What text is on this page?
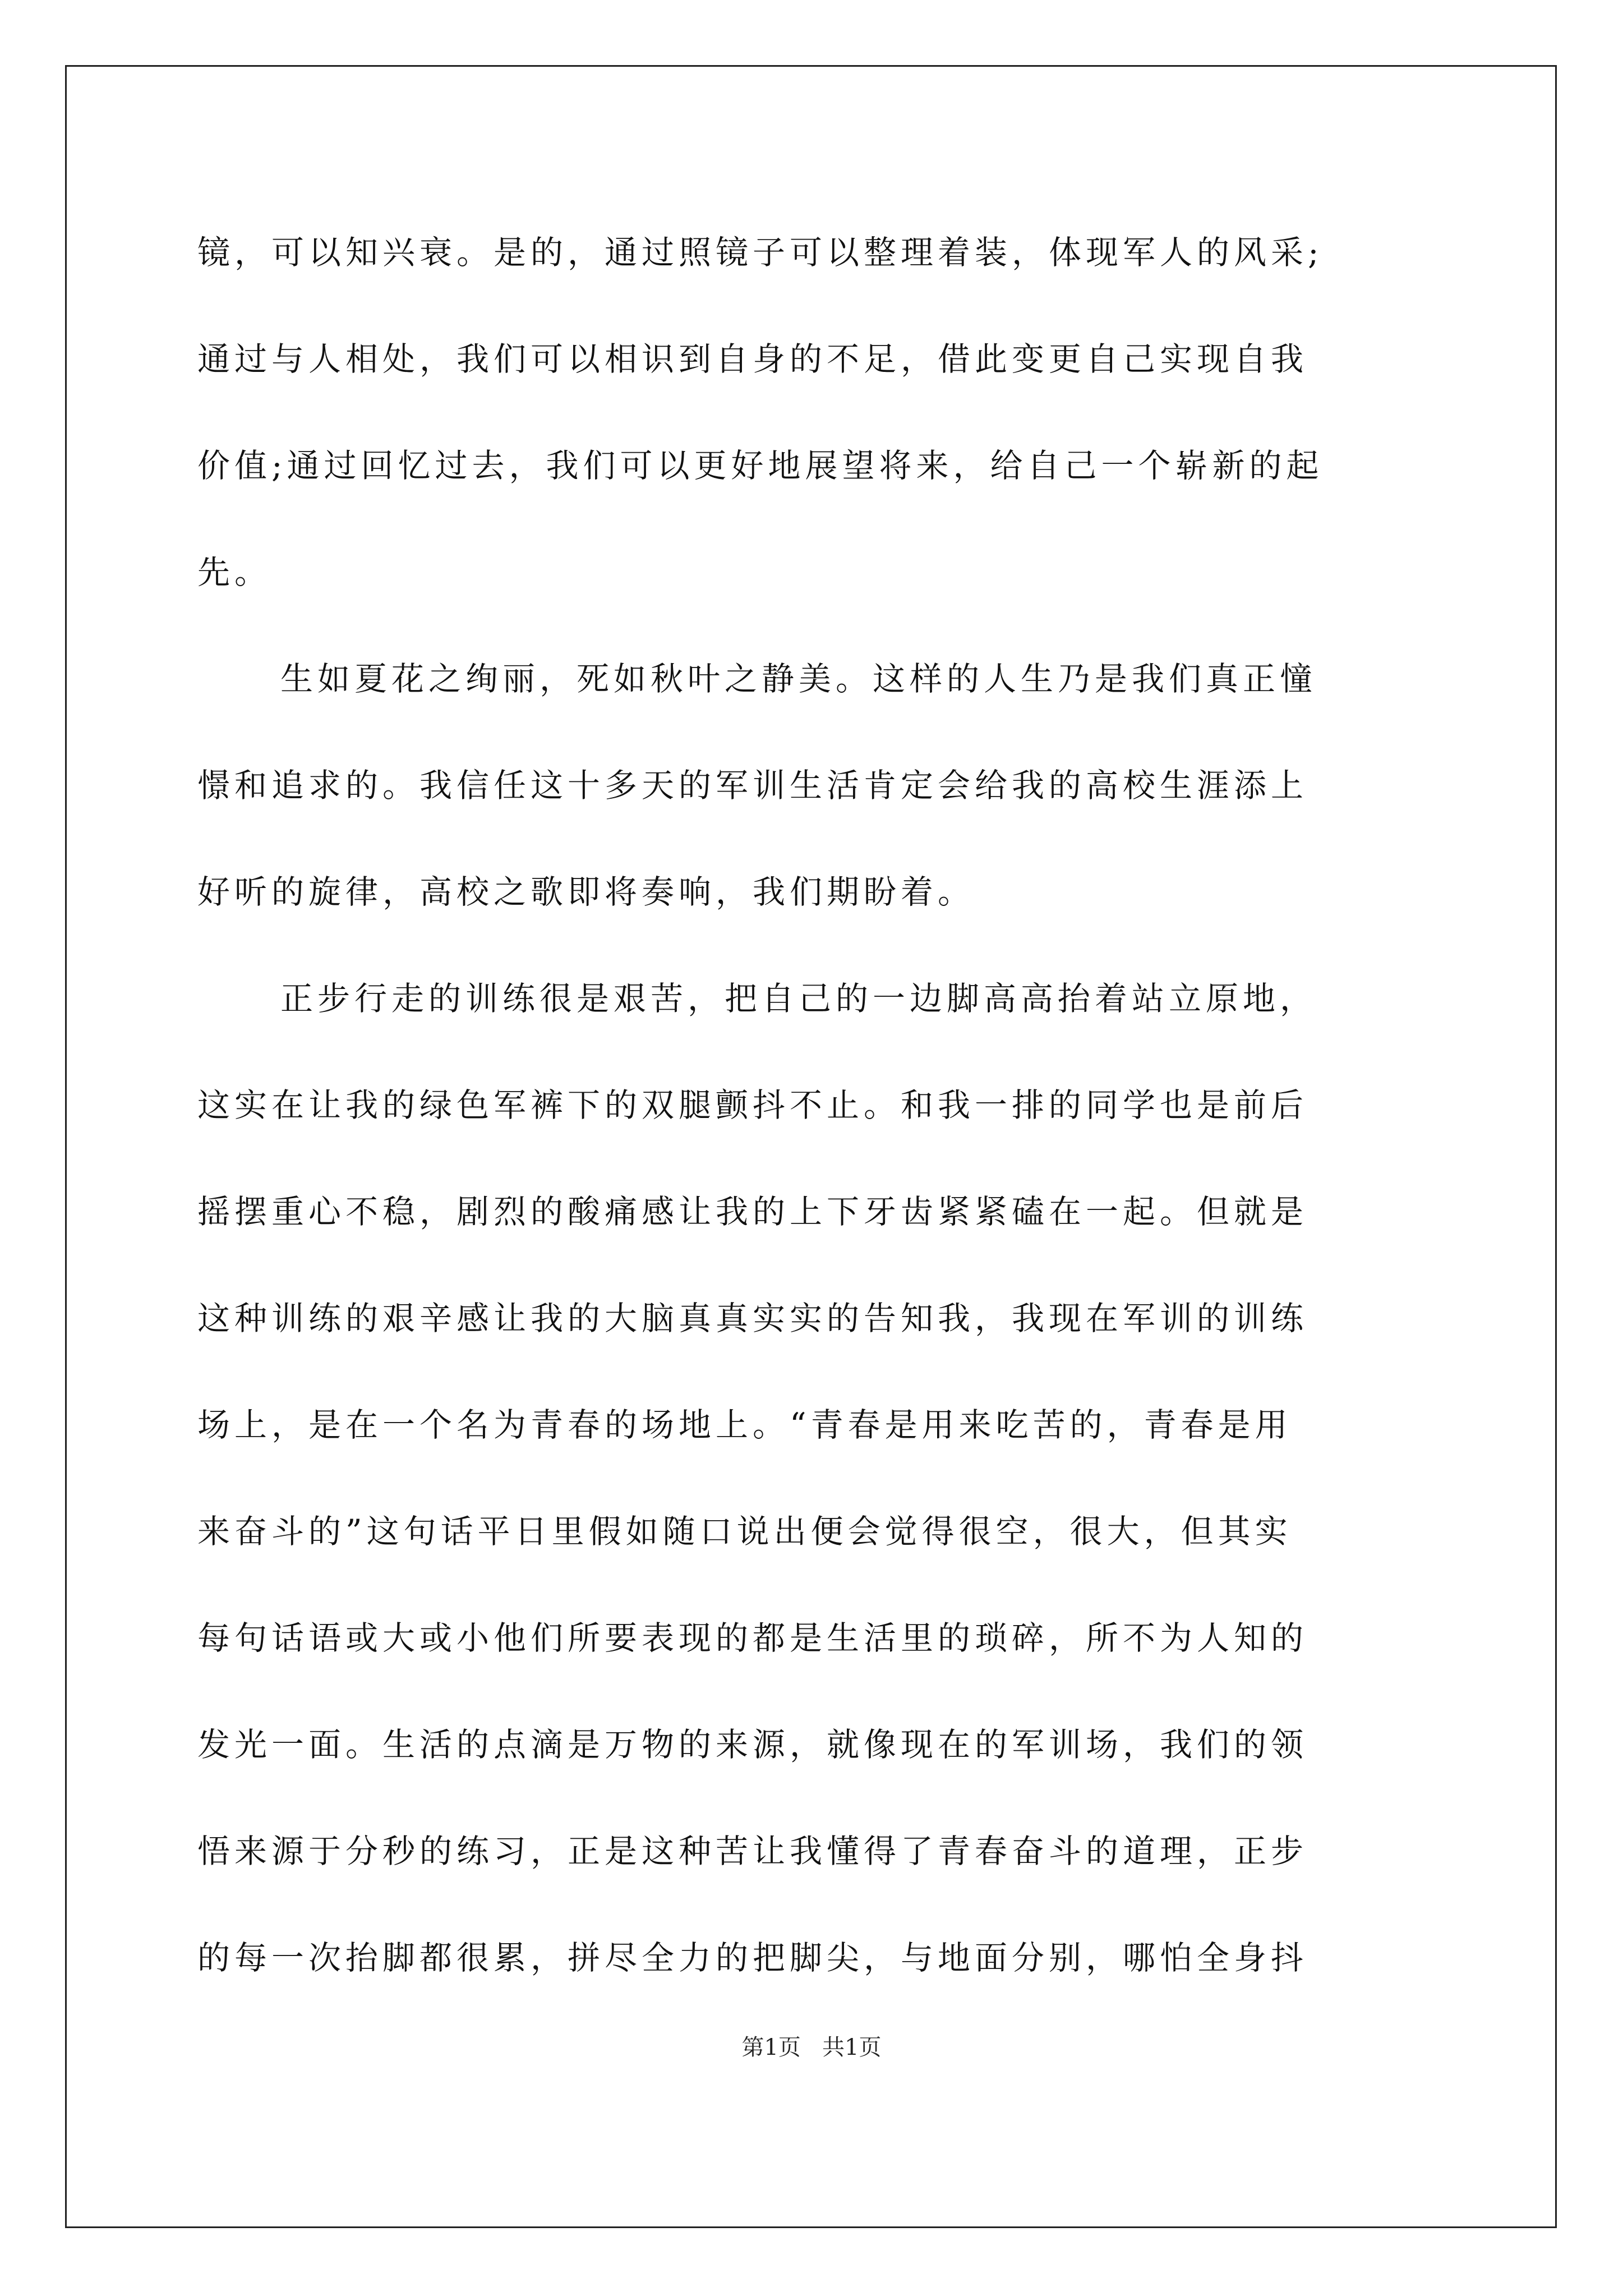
镜，可以知兴衰。是的，通过照镜子可以整理着装，体现军人的风采;
通过与人相处，我们可以相识到自身的不足，借此变更自己实现自我
价值;通过回忆过去，我们可以更好地展望将来，给自己一个崭新的起
先。
生如夏花之绚丽，死如秋叶之静美。这样的人生乃是我们真正憧
憬和追求的。我信任这十多天的军训生活肯定会给我的高校生涯添上
好听的旋律，高校之歌即将奏响，我们期盼着。
正步行走的训练很是艰苦，把自己的一边脚高高抬着站立原地，
这实在让我的绿色军裤下的双腿颤抖不止。和我一排的同学也是前后
摇摆重心不稳，剧烈的酸痛感让我的上下牙齿紧紧磕在一起。但就是
这种训练的艰辛感让我的大脑真真实实的告知我，我现在军训的训练
场上，是在一个名为青春的场地上。“青春是用来吃苦的，青春是用
来奋斗的”这句话平日里假如随口说出便会觉得很空，很大，但其实
每句话语或大或小他们所要表现的都是生活里的琐碎，所不为人知的
发光一面。生活的点滴是万物的来源，就像现在的军训场，我们的领
悟来源于分秒的练习，正是这种苦让我懂得了青春奋斗的道理，正步
的每一次抬脚都很累，拼尽全力的把脚尖，与地面分别，哪怕全身抖
第1页   共1页
